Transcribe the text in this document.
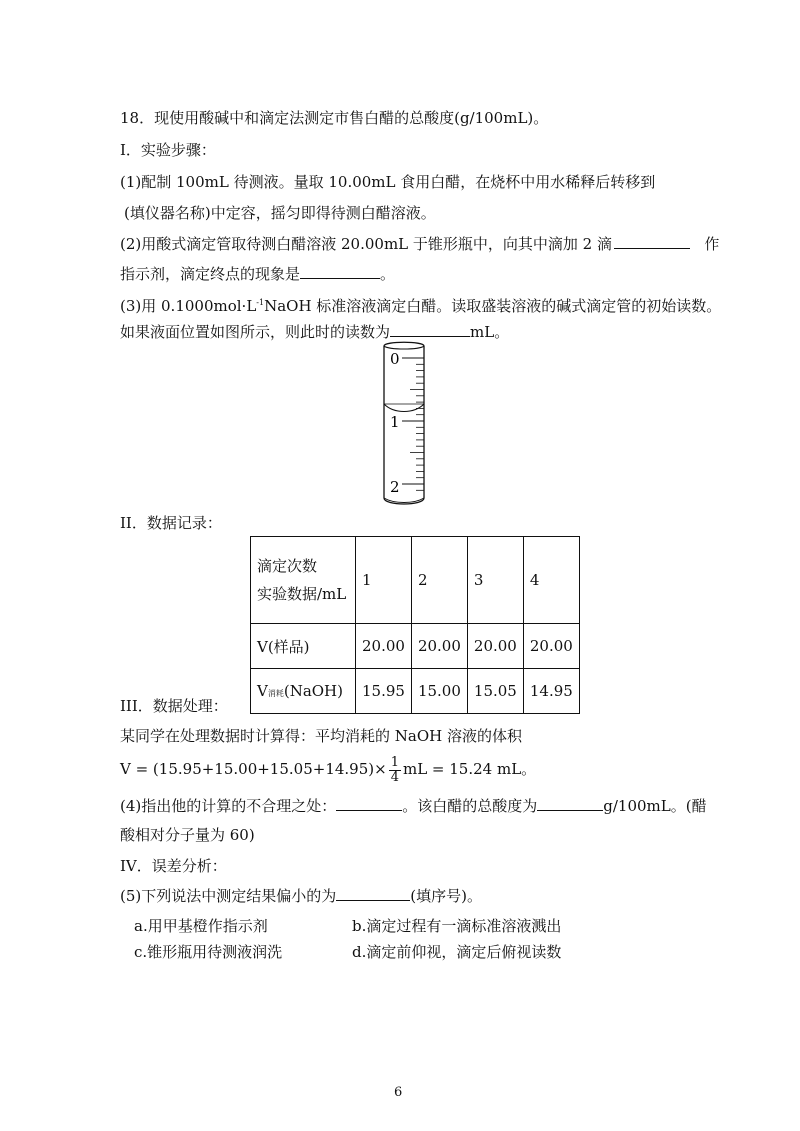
18．现使用酸碱中和滴定法测定市售白醋的总酸度(g/100mL)。
I．实验步骤：
(1)配制 100mL 待测液。量取 10.00mL 食用白醋，在烧杯中用水稀释后转移到
(填仪器名称)中定容，摇匀即得待测白醋溶液。
(2)用酸式滴定管取待测白醋溶液 20.00mL 于锥形瓶中，向其中滴加 2 滴	作
指示剂，滴定终点的现象是	。
(3)用 $0.1000mol\cdot L^{-1}NaOH$ 标准溶液滴定白醋。读取盛装溶液的碱式滴定管的初始读数。
如果液面位置如图所示，则此时的读数为	mL。
0
1
2
II．数据记录：
滴定次数
实验数据/mL	1	2	3	4
V(样品)	20.00	20.00	20.00	20.00
V消耗(NaOH)	15.95	15.00	15.05	14.95
III．数据处理：
某同学在处理数据时计算得：平均消耗的 NaOH 溶液的体积
$V = (15.95+15.00+15.05+14.95)\times \frac{1}{4}$ mL = 15.24 mL。
(4)指出他的计算的不合理之处：	。该白醋的总酸度为	g/100mL。(醋
酸相对分子量为 60)
IV．误差分析：
(5)下列说法中测定结果偏小的为	(填序号)。
a.用甲基橙作指示剂	b.滴定过程有一滴标准溶液溅出
c.锥形瓶用待测液润洗	d.滴定前仰视，滴定后俯视读数
6
